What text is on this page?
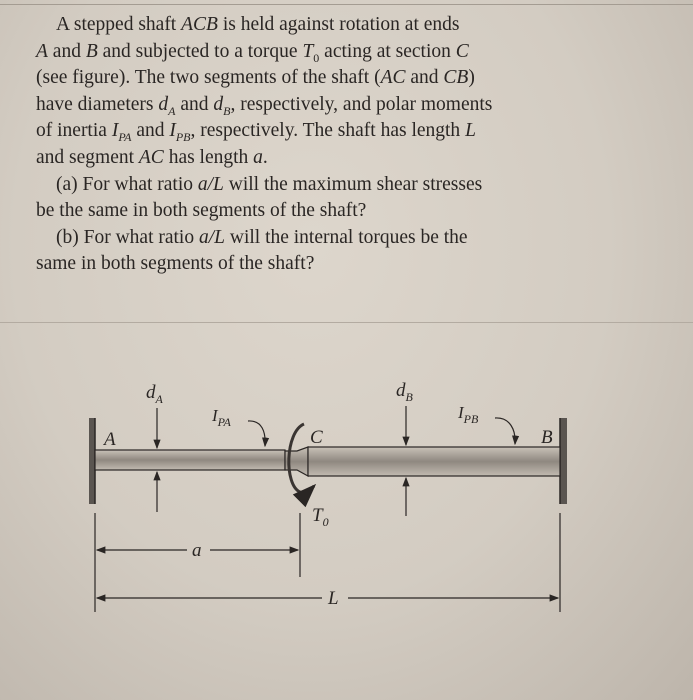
A stepped shaft ACB is held against rotation at ends
A and B and subjected to a torque $T_0$ acting at section C
(see figure). The two segments of the shaft (AC and CB)
have diameters $d_A$ and $d_B$, respectively, and polar moments
of inertia $I_{PA}$ and $I_{PB}$, respectively. The shaft has length L
and segment AC has length a.
(a) For what ratio a/L will the maximum shear stresses
be the same in both segments of the shaft?
(b) For what ratio a/L will the internal torques be the
same in both segments of the shaft?
$d_A$	$d_B$
$I_{PA}$	$I_{PB}$
A	C	B
$T_0$
a
L
